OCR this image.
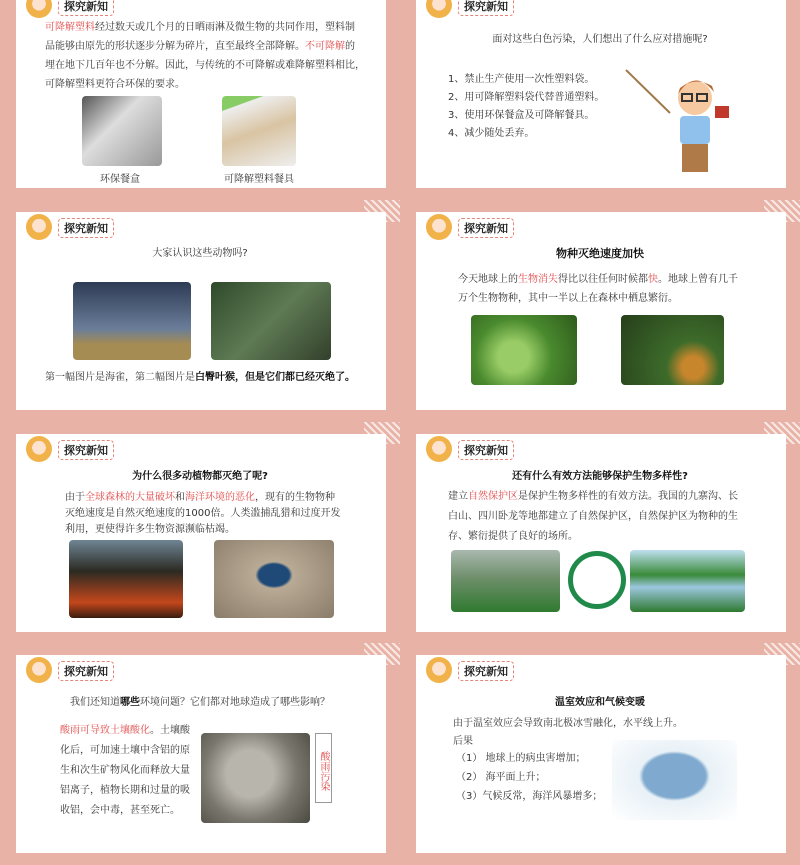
探究新知
可降解塑料经过数天或几个月的日晒雨淋及微生物的共同作用，塑料制
品能够由原先的形状逐步分解为碎片，直至最终全部降解。不可降解的
埋在地下几百年也不分解。因此，与传统的不可降解或难降解塑料相比，
可降解塑料更符合环保的要求。
环保餐盒	可降解塑料餐具
探究新知
面对这些白色污染，人们想出了什么应对措施呢?
1、禁止生产使用一次性塑料袋。
2、用可降解塑料袋代替普通塑料。
3、使用环保餐盒及可降解餐具。
4、减少随处丢弃。
探究新知
大家认识这些动物吗?
第一幅图片是海雀，第二幅图片是白臀叶猴，但是它们都已经灭绝了。
探究新知
物种灭绝速度加快
今天地球上的生物消失得比以往任何时候都快。地球上曾有几千
万个生物物种，其中一半以上在森林中栖息繁衍。
探究新知
为什么很多动植物都灭绝了呢?
由于全球森林的大量破坏和海洋环境的恶化，现有的生物物种
灭绝速度是自然灭绝速度的1000倍。人类滥捕乱猎和过度开发
利用，更使得许多生物资源濒临枯竭。
探究新知
还有什么有效方法能够保护生物多样性?
建立自然保护区是保护生物多样性的有效方法。我国的九寨沟、长
白山、四川卧龙等地都建立了自然保护区，自然保护区为物种的生
存、繁衍提供了良好的场所。
探究新知
我们还知道哪些环境问题？它们都对地球造成了哪些影响？
酸雨可导致土壤酸化。土壤酸
化后，可加速土壤中含铝的原
生和次生矿物风化而释放大量
铝离子，植物长期和过量的吸
收铝，会中毒，甚至死亡。
酸雨污染
探究新知
温室效应和气候变暖
由于温室效应会导致南北极冰雪融化，水平线上升。
后果
（1） 地球上的病虫害增加；
（2） 海平面上升；
（3）气候反常，海洋风暴增多；
